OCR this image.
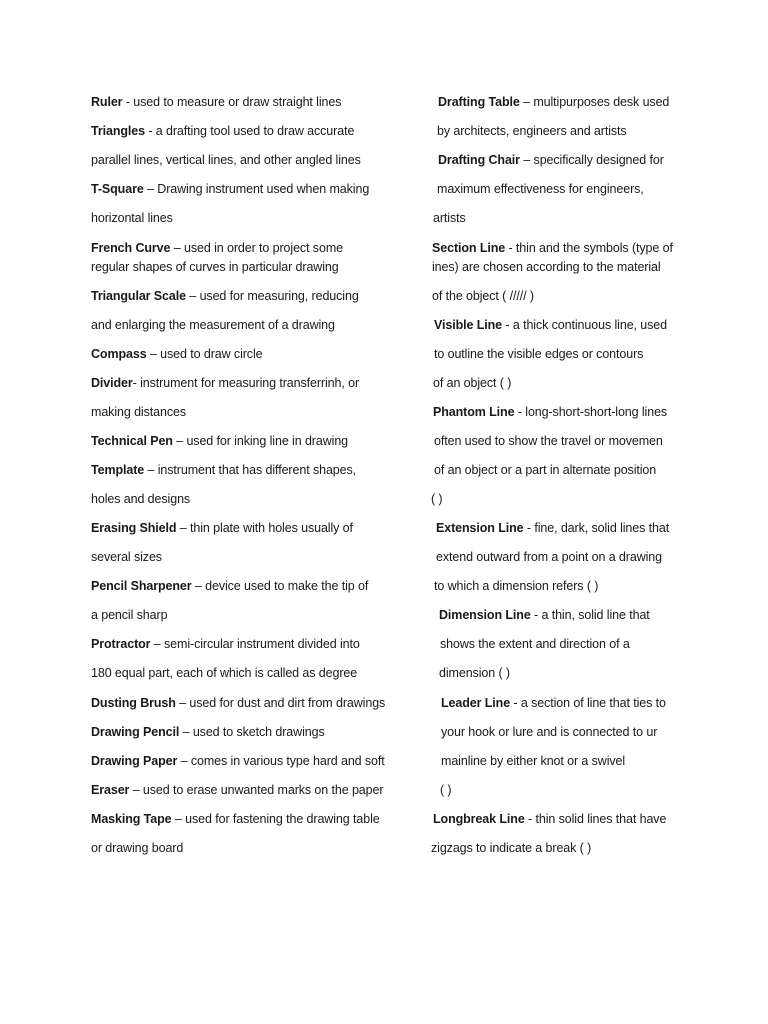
Ruler - used to measure or draw straight lines
Triangles - a drafting tool used to draw accurate
parallel lines, vertical lines, and other angled lines
T-Square – Drawing instrument used when making
horizontal lines
French Curve – used in order to project some
regular shapes of curves in particular drawing
Triangular Scale – used for measuring, reducing
and enlarging the measurement of a drawing
Compass – used to draw circle
Divider- instrument for measuring transferrinh, or
making distances
Technical Pen – used for inking line in drawing
Template – instrument that has different shapes,
holes and designs
Erasing Shield – thin plate with holes usually of
several sizes
Pencil Sharpener – device used to make the tip of
a pencil sharp
Protractor – semi-circular instrument divided into
180 equal part, each of which is called as degree
Dusting Brush – used for dust and dirt from drawings
Drawing Pencil – used to sketch drawings
Drawing Paper – comes in various type hard and soft
Eraser – used to erase unwanted marks on the paper
Masking Tape – used for fastening the drawing table
or drawing board
Drafting Table – multipurposes desk used
by architects, engineers and artists
Drafting Chair – specifically designed for
maximum effectiveness for engineers,
artists
Section Line - thin and the symbols (type of
ines) are chosen according to the material
of the object ( ///// )
Visible Line - a thick continuous line, used
to outline the visible edges or contours
of an object ( )
Phantom Line - long-short-short-long lines
often used to show the travel or movemen
of an object or a part in alternate position
( )
Extension Line - fine, dark, solid lines that
extend outward from a point on a drawing
to which a dimension refers ( )
Dimension Line - a thin, solid line that
shows the extent and direction of a
dimension ( )
Leader Line - a section of line that ties to
your hook or lure and is connected to ur
mainline by either knot or a swivel
( )
Longbreak Line - thin solid lines that have
zigzags to indicate a break ( )
